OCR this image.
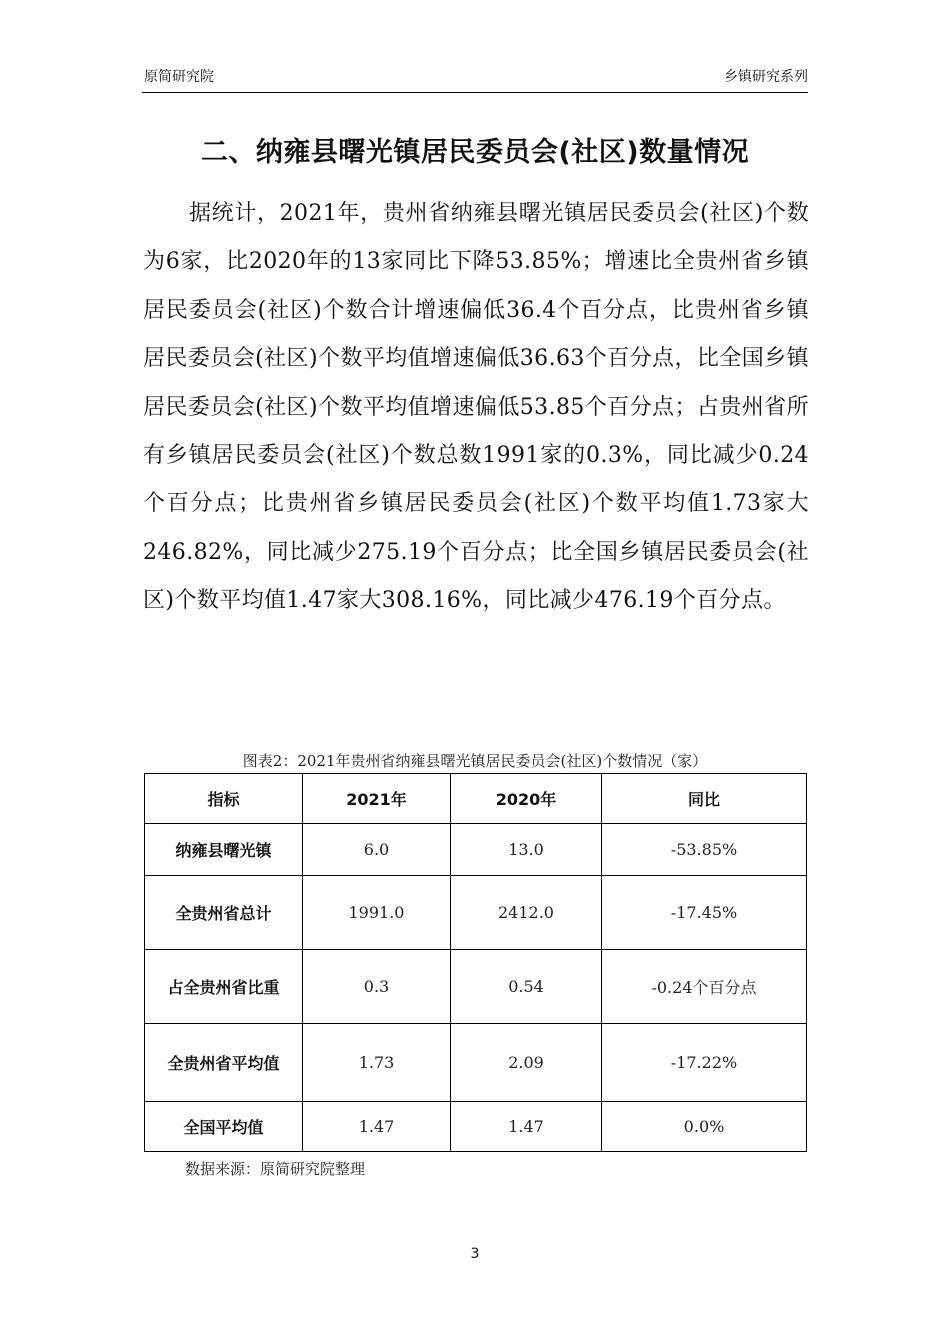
原简研究院	乡镇研究系列
二、纳雍县曙光镇居民委员会(社区)数量情况
据统计，2021年，贵州省纳雍县曙光镇居民委员会(社区)个数为6家，比2020年的13家同比下降53.85%；增速比全贵州省乡镇居民委员会(社区)个数合计增速偏低36.4个百分点，比贵州省乡镇居民委员会(社区)个数平均值增速偏低36.63个百分点，比全国乡镇居民委员会(社区)个数平均值增速偏低53.85个百分点；占贵州省所有乡镇居民委员会(社区)个数总数1991家的0.3%，同比减少0.24个百分点；比贵州省乡镇居民委员会(社区)个数平均值1.73家大246.82%，同比减少275.19个百分点；比全国乡镇居民委员会(社区)个数平均值1.47家大308.16%，同比减少476.19个百分点。
图表2：2021年贵州省纳雍县曙光镇居民委员会(社区)个数情况（家）
指标	2021年	2020年	同比
纳雍县曙光镇	6.0	13.0	-53.85%
全贵州省总计	1991.0	2412.0	-17.45%
占全贵州省比重	0.3	0.54	-0.24个百分点
全贵州省平均值	1.73	2.09	-17.22%
全国平均值	1.47	1.47	0.0%
数据来源：原简研究院整理
3
